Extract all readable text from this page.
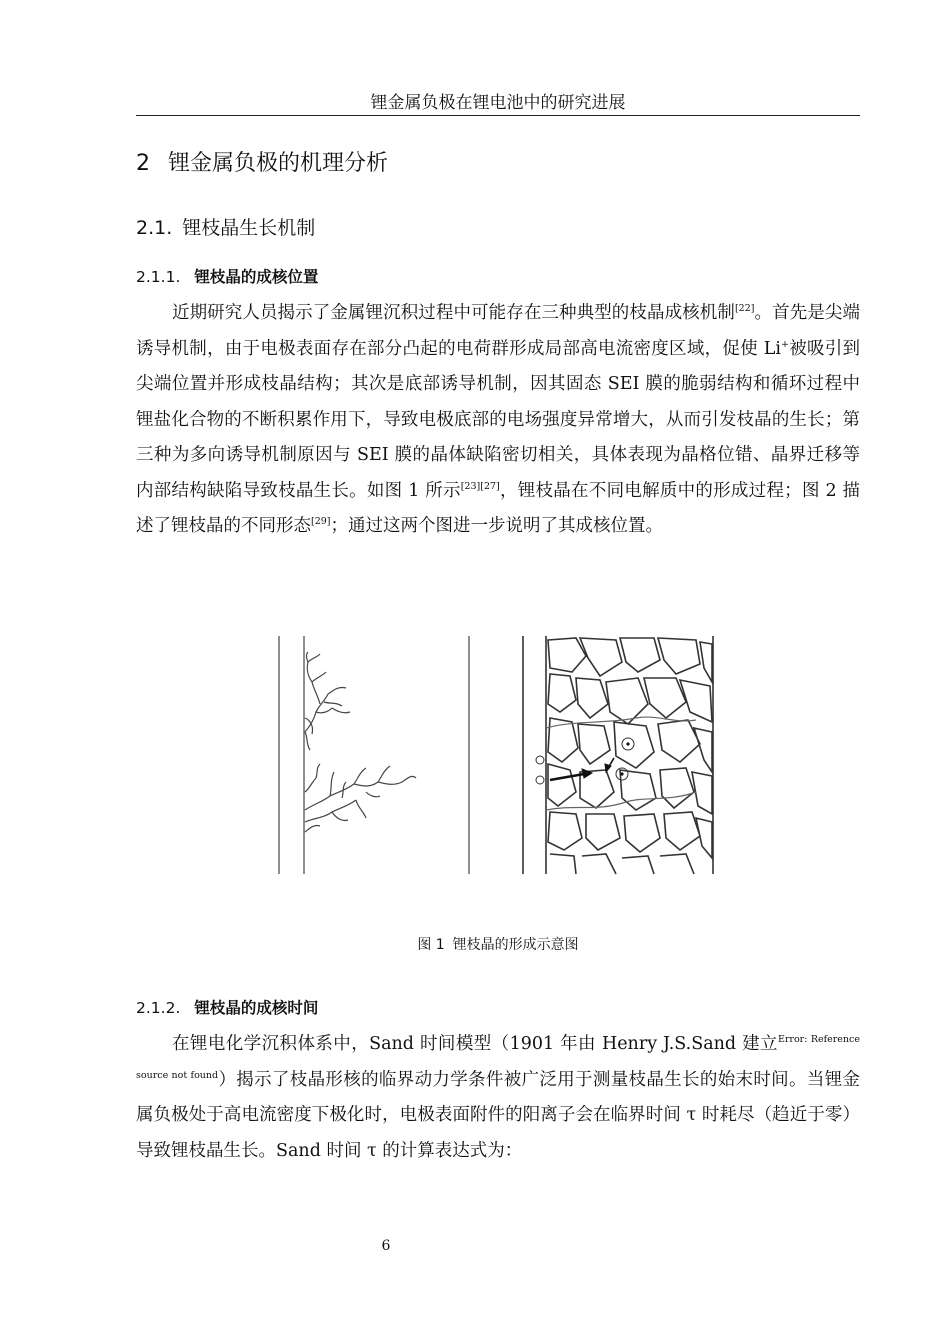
锂金属负极在锂电池中的研究进展
2 锂金属负极的机理分析
2.1. 锂枝晶生长机制
2.1.1. 锂枝晶的成核位置
近期研究人员揭示了金属锂沉积过程中可能存在三种典型的枝晶成核机制[22]。首先是尖端诱导机制，由于电极表面存在部分凸起的电荷群形成局部高电流密度区域，促使 Li+被吸引到尖端位置并形成枝晶结构；其次是底部诱导机制，因其固态 SEI 膜的脆弱结构和循环过程中锂盐化合物的不断积累作用下，导致电极底部的电场强度异常增大，从而引发枝晶的生长；第三种为多向诱导机制原因与 SEI 膜的晶体缺陷密切相关，具体表现为晶格位错、晶界迁移等内部结构缺陷导致枝晶生长。如图 1 所示[23][27]，锂枝晶在不同电解质中的形成过程；图 2 描述了锂枝晶的不同形态[29]；通过这两个图进一步说明了其成核位置。
图 1 锂枝晶的形成示意图
2.1.2. 锂枝晶的成核时间
在锂电化学沉积体系中，Sand 时间模型（1901 年由 Henry J.S.Sand 建立$^{Error: Reference source not found}$）揭示了枝晶形核的临界动力学条件被广泛用于测量枝晶生长的始末时间。当锂金属负极处于高电流密度下极化时，电极表面附件的阳离子会在临界时间 τ 时耗尽（趋近于零）导致锂枝晶生长。Sand 时间 τ 的计算表达式为：
6
